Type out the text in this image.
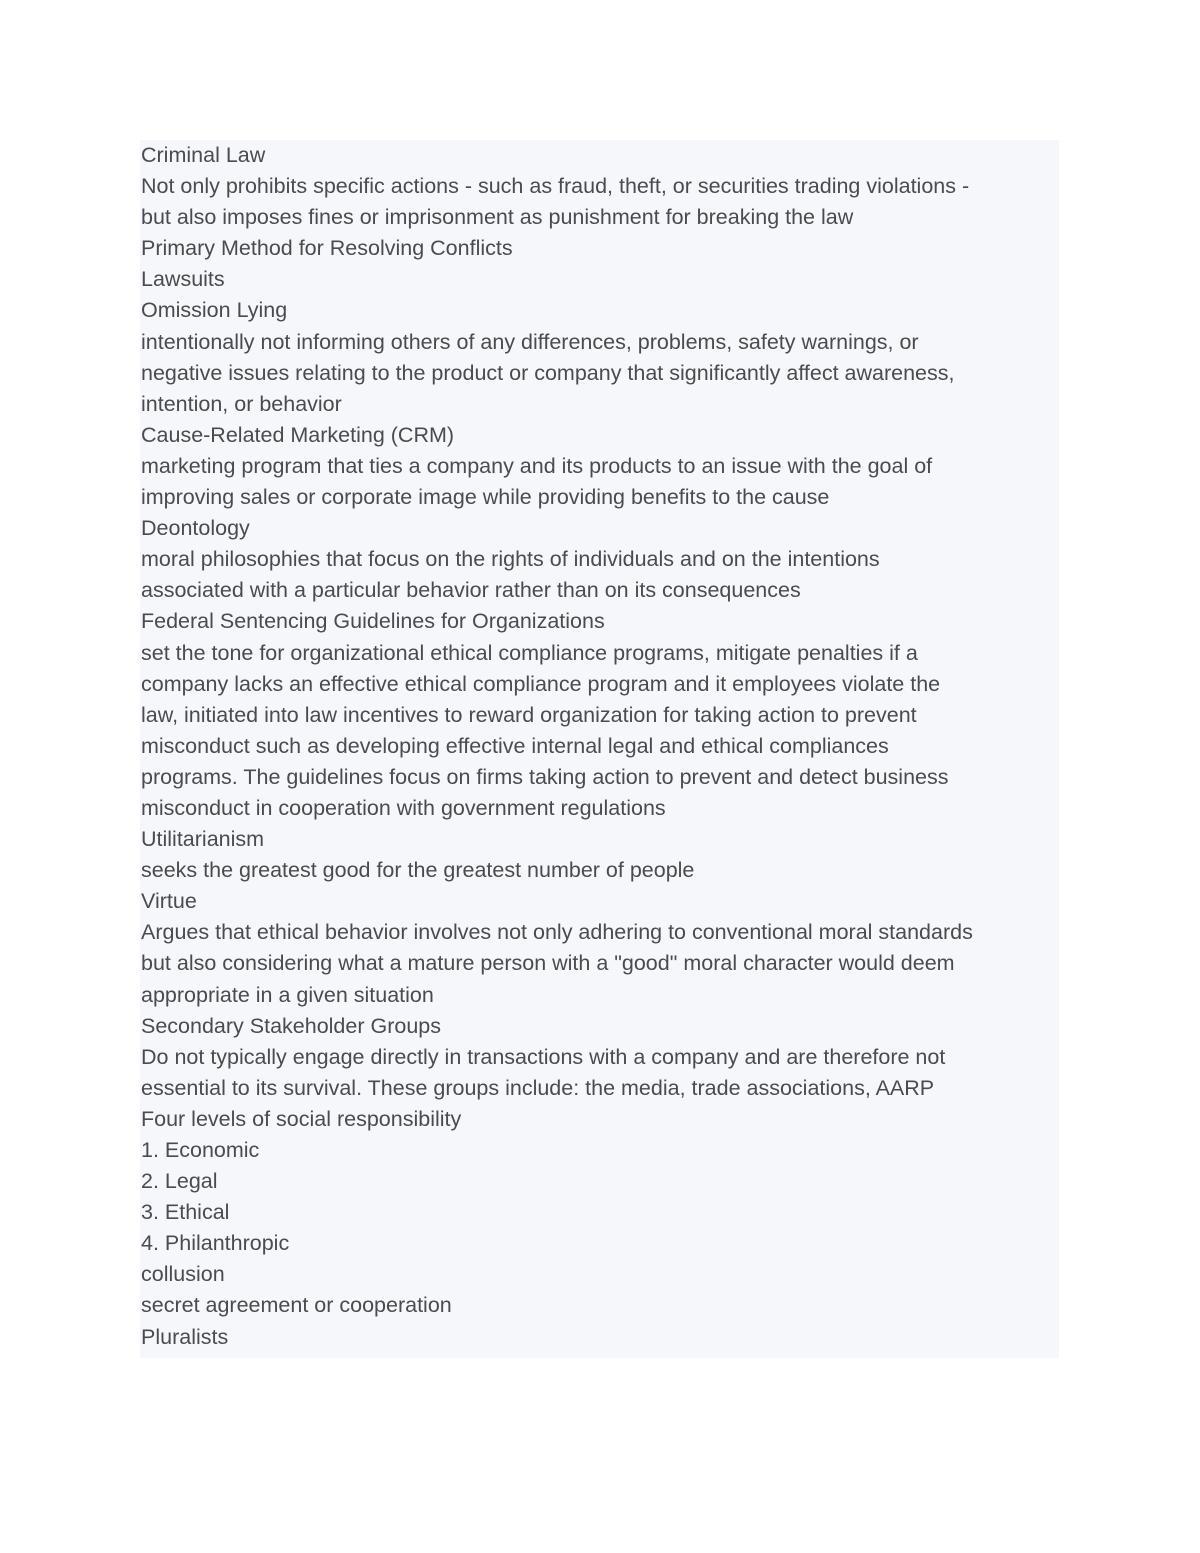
Criminal Law
Not only prohibits specific actions - such as fraud, theft, or securities trading violations -
but also imposes fines or imprisonment as punishment for breaking the law
Primary Method for Resolving Conflicts
Lawsuits
Omission Lying
intentionally not informing others of any differences, problems, safety warnings, or
negative issues relating to the product or company that significantly affect awareness,
intention, or behavior
Cause-Related Marketing (CRM)
marketing program that ties a company and its products to an issue with the goal of
improving sales or corporate image while providing benefits to the cause
Deontology
moral philosophies that focus on the rights of individuals and on the intentions
associated with a particular behavior rather than on its consequences
Federal Sentencing Guidelines for Organizations
set the tone for organizational ethical compliance programs, mitigate penalties if a
company lacks an effective ethical compliance program and it employees violate the
law, initiated into law incentives to reward organization for taking action to prevent
misconduct such as developing effective internal legal and ethical compliances
programs. The guidelines focus on firms taking action to prevent and detect business
misconduct in cooperation with government regulations
Utilitarianism
seeks the greatest good for the greatest number of people
Virtue
Argues that ethical behavior involves not only adhering to conventional moral standards
but also considering what a mature person with a "good" moral character would deem
appropriate in a given situation
Secondary Stakeholder Groups
Do not typically engage directly in transactions with a company and are therefore not
essential to its survival. These groups include: the media, trade associations, AARP
Four levels of social responsibility
1. Economic
2. Legal
3. Ethical
4. Philanthropic
collusion
secret agreement or cooperation
Pluralists
